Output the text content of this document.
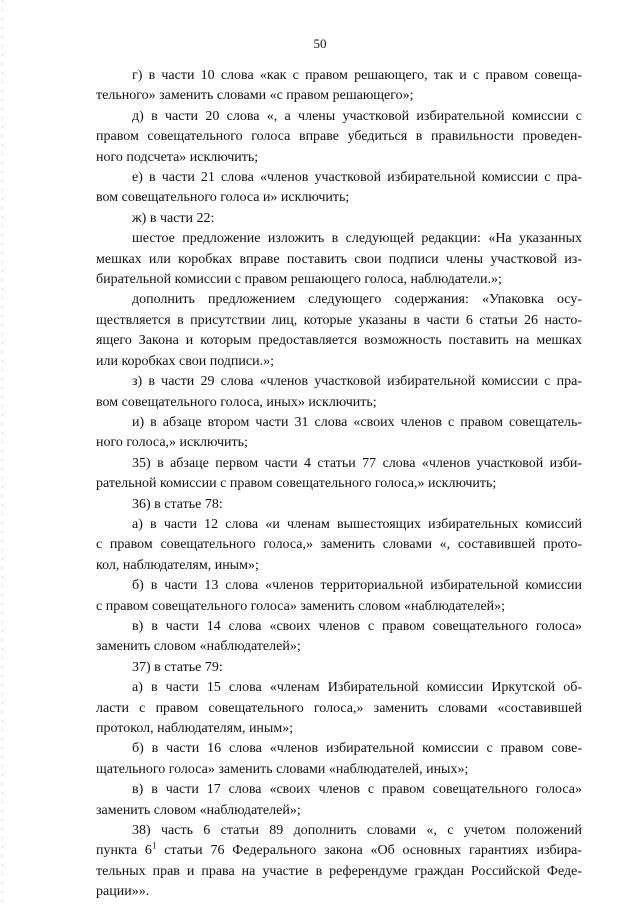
50
г) в части 10 слова «как с правом решающего, так и с правом совеща-
тельного» заменить словами «с правом решающего»;
д) в части 20 слова «, а члены участковой избирательной комиссии с
правом совещательного голоса вправе убедиться в правильности проведен-
ного подсчета» исключить;
е) в части 21 слова «членов участковой избирательной комиссии с пра-
вом совещательного голоса и» исключить;
ж) в части 22:
шестое предложение изложить в следующей редакции: «На указанных
мешках или коробках вправе поставить свои подписи члены участковой из-
бирательной комиссии с правом решающего голоса, наблюдатели.»;
дополнить предложением следующего содержания: «Упаковка осу-
ществляется в присутствии лиц, которые указаны в части 6 статьи 26 насто-
ящего Закона и которым предоставляется возможность поставить на мешках
или коробках свои подписи.»;
з) в части 29 слова «членов участковой избирательной комиссии с пра-
вом совещательного голоса, иных» исключить;
и) в абзаце втором части 31 слова «своих членов с правом совещатель-
ного голоса,» исключить;
35) в абзаце первом части 4 статьи 77 слова «членов участковой изби-
рательной комиссии с правом совещательного голоса,» исключить;
36) в статье 78:
а) в части 12 слова «и членам вышестоящих избирательных комиссий
с правом совещательного голоса,» заменить словами «, составившей прото-
кол, наблюдателям, иным»;
б) в части 13 слова «членов территориальной избирательной комиссии
с правом совещательного голоса» заменить словом «наблюдателей»;
в) в части 14 слова «своих членов с правом совещательного голоса»
заменить словом «наблюдателей»;
37) в статье 79:
а) в части 15 слова «членам Избирательной комиссии Иркутской об-
ласти с правом совещательного голоса,» заменить словами «составившей
протокол, наблюдателям, иным»;
б) в части 16 слова «членов избирательной комиссии с правом сове-
щательного голоса» заменить словами «наблюдателей, иных»;
в) в части 17 слова «своих членов с правом совещательного голоса»
заменить словом «наблюдателей»;
38) часть 6 статьи 89 дополнить словами «, с учетом положений
пункта $6^1$ статьи 76 Федерального закона «Об основных гарантиях избира-
тельных прав и права на участие в референдуме граждан Российской Феде-
рации»».
